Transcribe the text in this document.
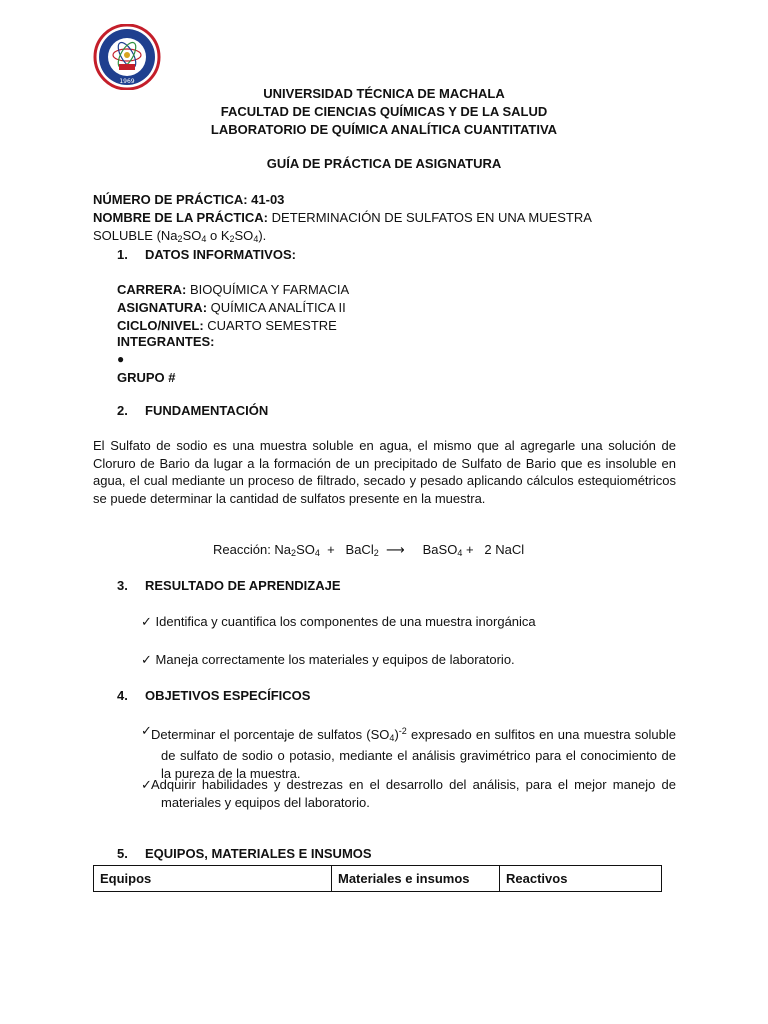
1969
UNIVERSIDAD TÉCNICA DE MACHALA
FACULTAD DE CIENCIAS QUÍMICAS Y DE LA SALUD
LABORATORIO DE QUÍMICA ANALÍTICA CUANTITATIVA
GUÍA DE PRÁCTICA DE ASIGNATURA
NÚMERO DE PRÁCTICA: 41-03
NOMBRE DE LA PRÁCTICA: DETERMINACIÓN DE SULFATOS EN UNA MUESTRA
SOLUBLE ($Na_2SO_4$ o $K_2SO_4$).
1. DATOS INFORMATIVOS:
CARRERA: BIOQUÍMICA Y FARMACIA
ASIGNATURA: QUÍMICA ANALÍTICA II
CICLO/NIVEL: CUARTO SEMESTRE
INTEGRANTES:
●
GRUPO #
2. FUNDAMENTACIÓN
El Sulfato de sodio es una muestra soluble en agua, el mismo que al agregarle una solución de Cloruro de Bario da lugar a la formación de un precipitado de Sulfato de Bario que es insoluble en agua, el cual mediante un proceso de filtrado, secado y pesado aplicando cálculos estequiométricos se puede determinar la cantidad de sulfatos presente en la muestra.
Reacción: $Na_2SO_4$  +   BaCl$_2$  ⟶     BaSO$_4$ +   2 NaCl
3. RESULTADO DE APRENDIZAJE
✓ Identifica y cuantifica los componentes de una muestra inorgánica
✓ Maneja correctamente los materiales y equipos de laboratorio.
4. OBJETIVOS ESPECÍFICOS
✓ Determinar el porcentaje de sulfatos $(SO_4)^{-2}$ expresado en sulfitos en una muestra soluble de sulfato de sodio o potasio, mediante el análisis gravimétrico para el conocimiento de la pureza de la muestra.
✓ Adquirir habilidades y destrezas en el desarrollo del análisis, para el mejor manejo de materiales y equipos del laboratorio.
5. EQUIPOS, MATERIALES E INSUMOS
Equipos	Materiales e insumos	Reactivos
